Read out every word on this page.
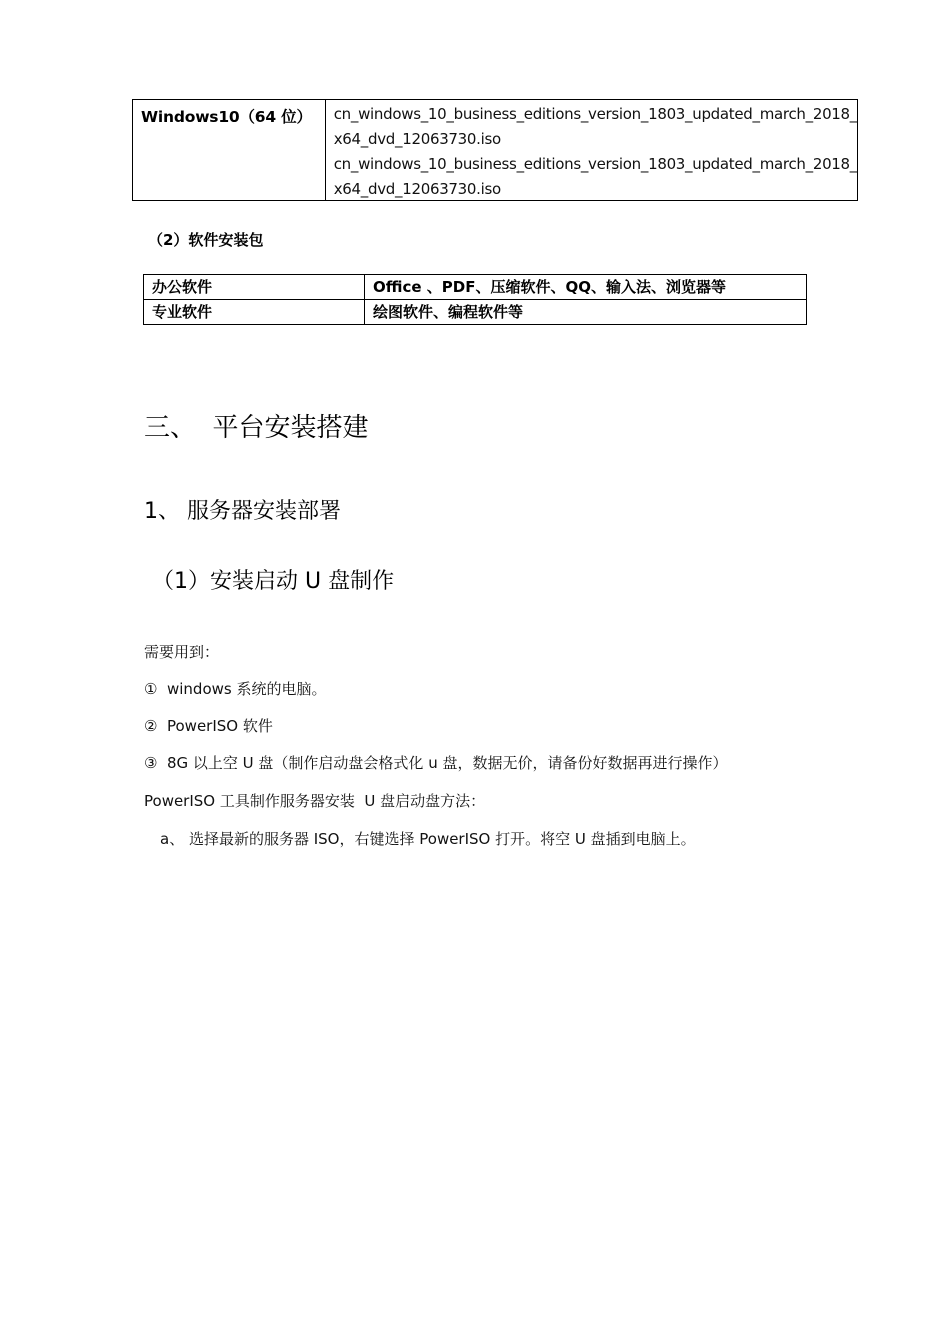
Windows10（64 位）	cn_windows_10_business_editions_version_1803_updated_march_2018_
x64_dvd_12063730.iso
cn_windows_10_business_editions_version_1803_updated_march_2018_
x64_dvd_12063730.iso
（2）软件安装包
办公软件	Office 、PDF、压缩软件、QQ、输入法、浏览器等
专业软件	绘图软件、编程软件等
三、  平台安装搭建
1、 服务器安装部署
（1）安装启动 U 盘制作
需要用到：
①  windows 系统的电脑。
②  PowerISO 软件
③  8G 以上空 U 盘（制作启动盘会格式化 u 盘，数据无价，请备份好数据再进行操作）
PowerISO 工具制作服务器安装  U 盘启动盘方法：
a、 选择最新的服务器 ISO，右键选择 PowerISO 打开。将空 U 盘插到电脑上。
